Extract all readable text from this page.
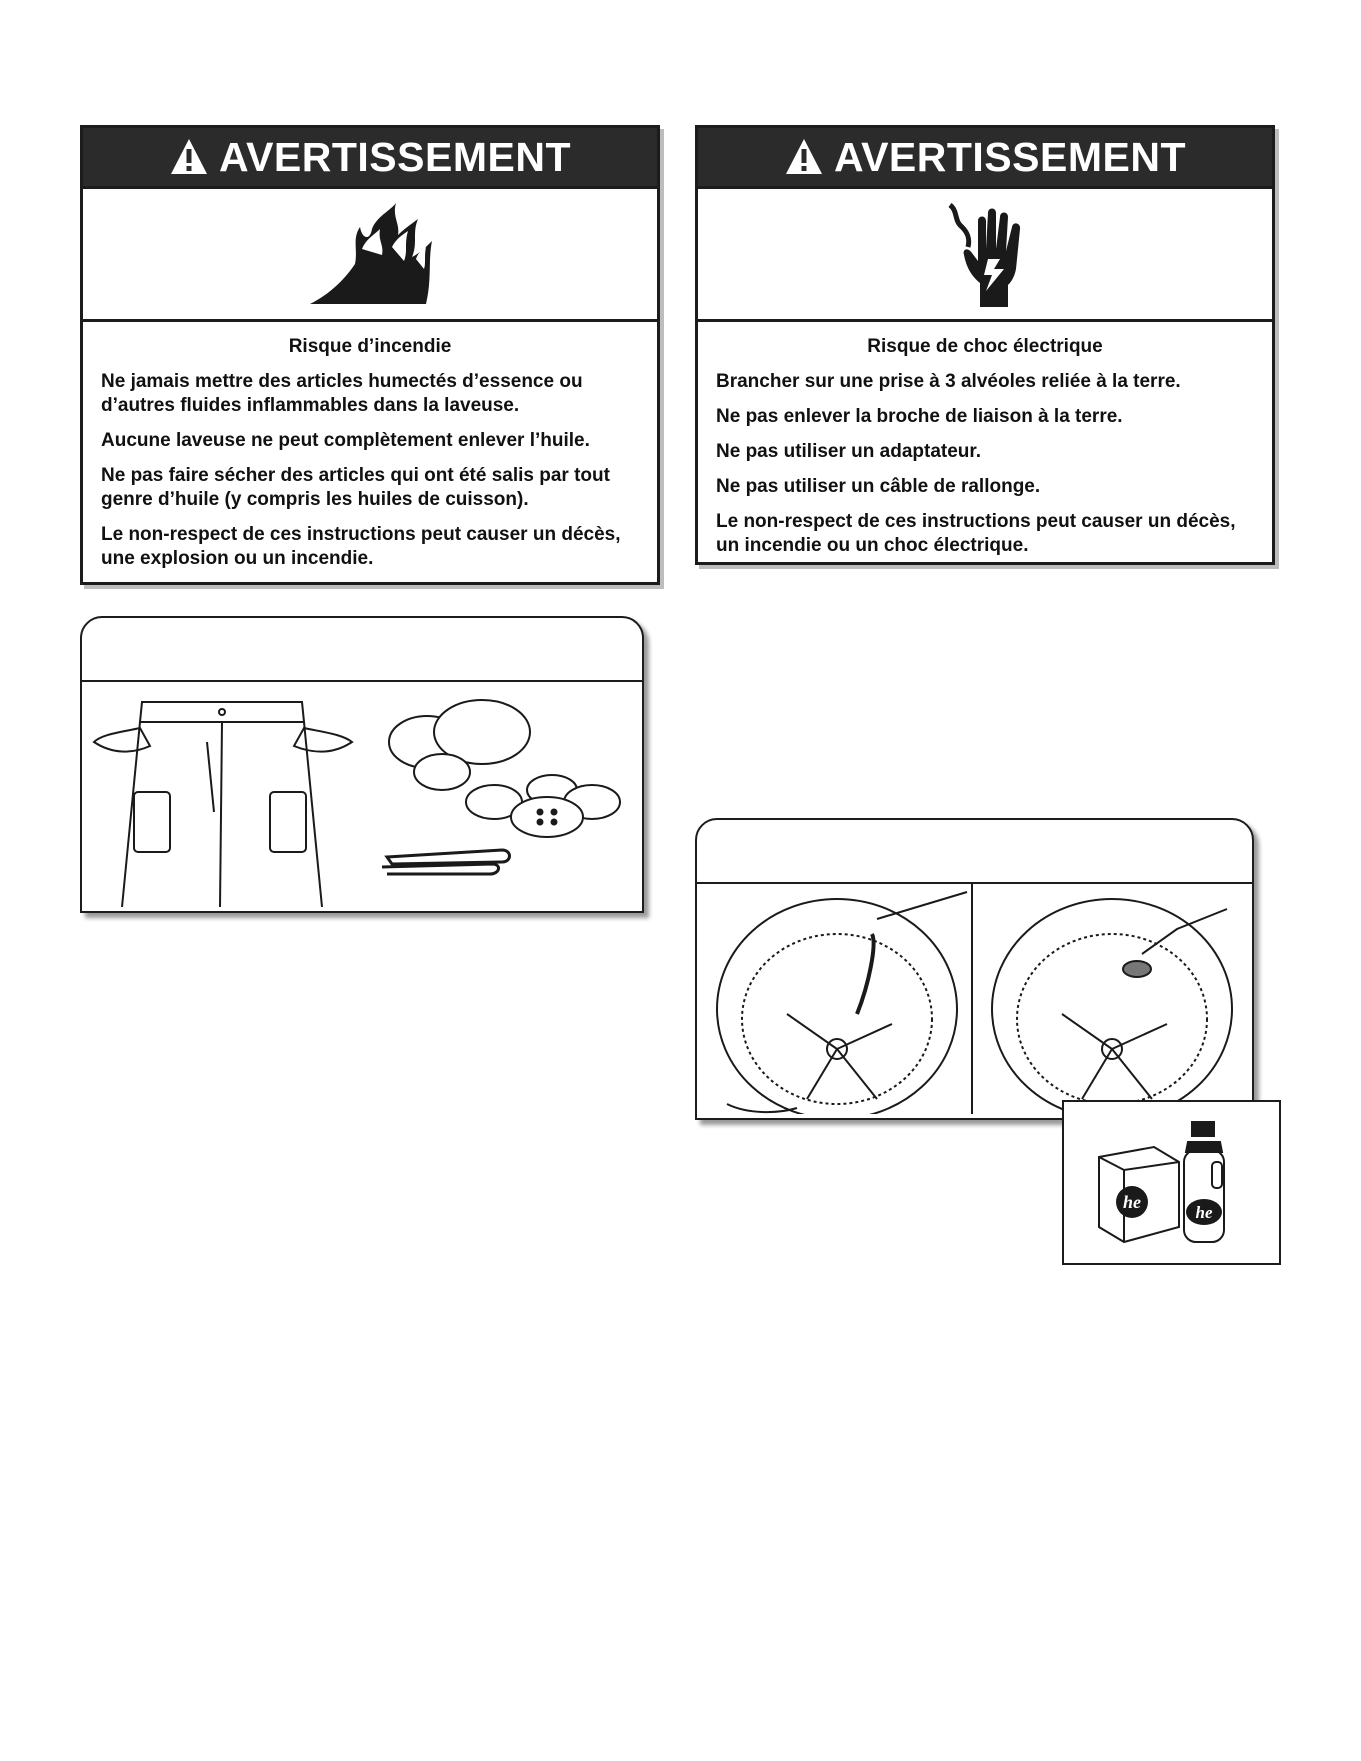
AVERTISSEMENT
Risque d’incendie

Ne jamais mettre des articles humectés d’essence ou d’autres fluides inflammables dans la laveuse.

Aucune laveuse ne peut complètement enlever l’huile.

Ne pas faire sécher des articles qui ont été salis par tout genre d’huile (y compris les huiles de cuisson).

Le non-respect de ces instructions peut causer un décès, une explosion ou un incendie.

AVERTISSEMENT
Risque de choc électrique

Brancher sur une prise à 3 alvéoles reliée à la terre.

Ne pas enlever la broche de liaison à la terre.

Ne pas utiliser un adaptateur.

Ne pas utiliser un câble de rallonge.

Le non-respect de ces instructions peut causer un décès, un incendie ou un choc électrique.

he
he
